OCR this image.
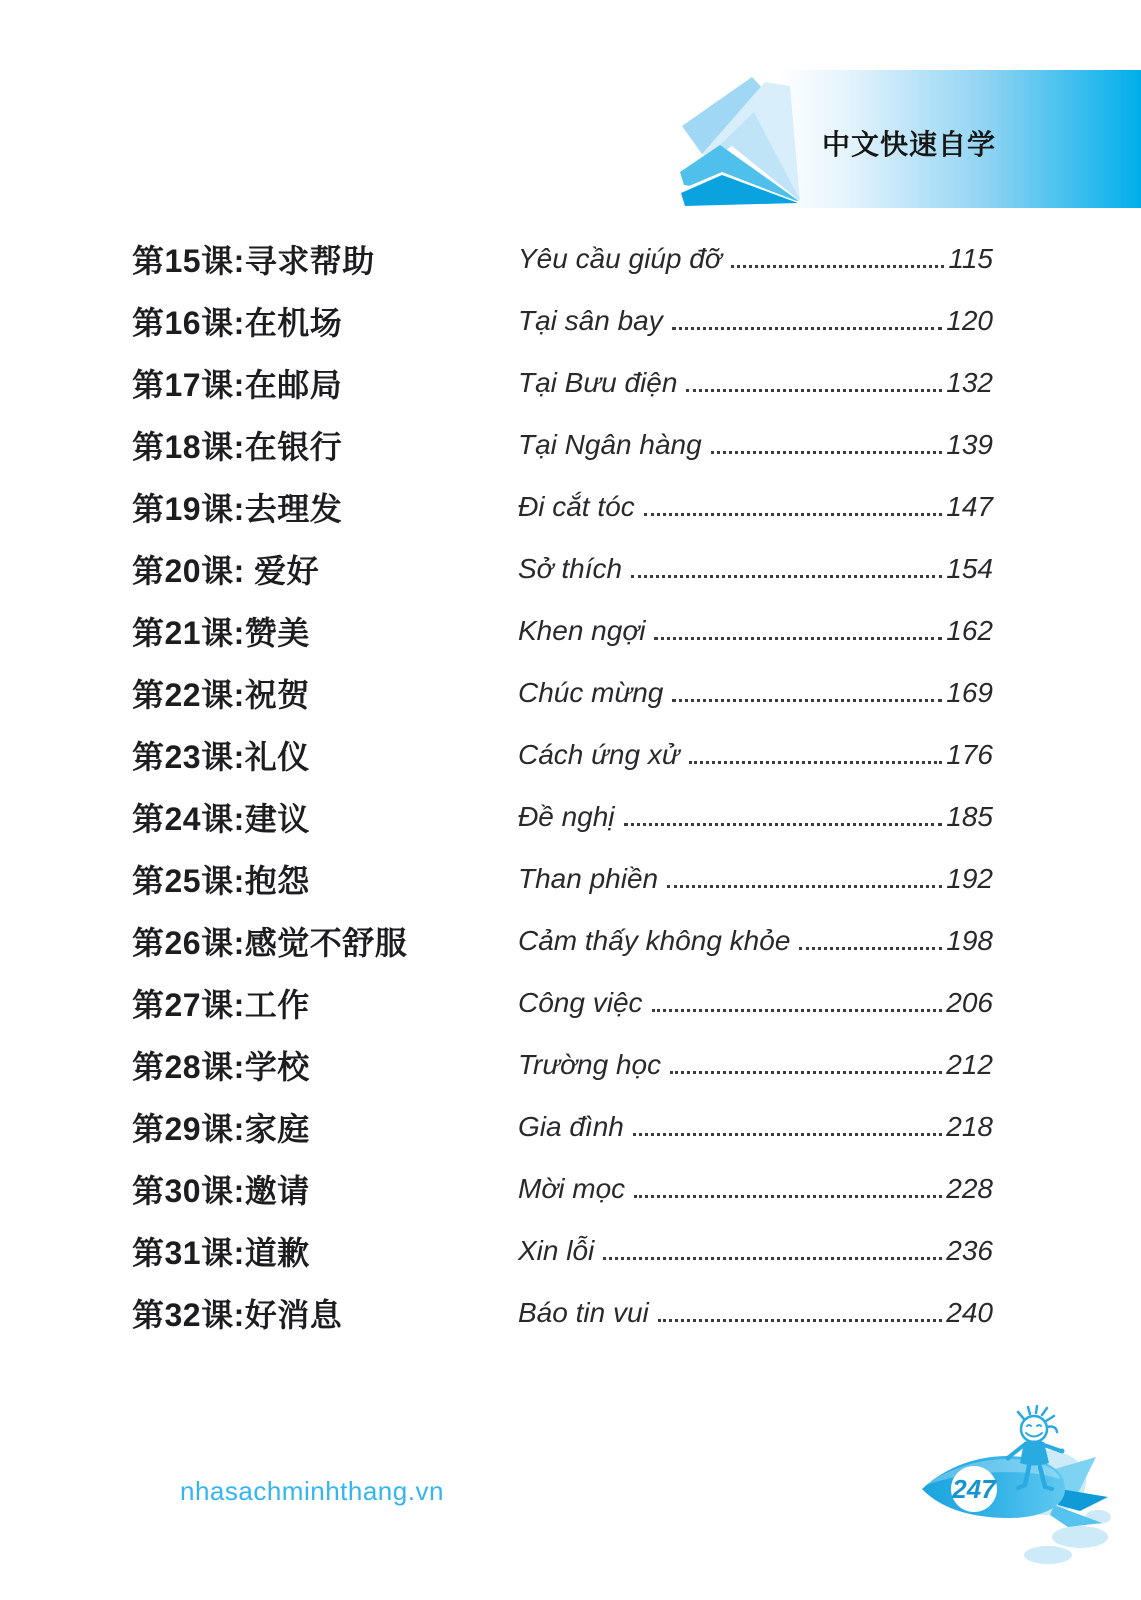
中文快速自学
第15课:寻求帮助	Yêu cầu giúp đỡ	115
第16课:在机场	Tại sân bay	120
第17课:在邮局	Tại Bưu điện	132
第18课:在银行	Tại Ngân hàng	139
第19课:去理发	Đi cắt tóc	147
第20课: 爱好	Sở thích	154
第21课:赞美	Khen ngợi	162
第22课:祝贺	Chúc mừng	169
第23课:礼仪	Cách ứng xử	176
第24课:建议	Đề nghị	185
第25课:抱怨	Than phiền	192
第26课:感觉不舒服	Cảm thấy không khỏe	198
第27课:工作	Công việc	206
第28课:学校	Trường học	212
第29课:家庭	Gia đình	218
第30课:邀请	Mời mọc	228
第31课:道歉	Xin lỗi	236
第32课:好消息	Báo tin vui	240
nhasachminhthang.vn	247
